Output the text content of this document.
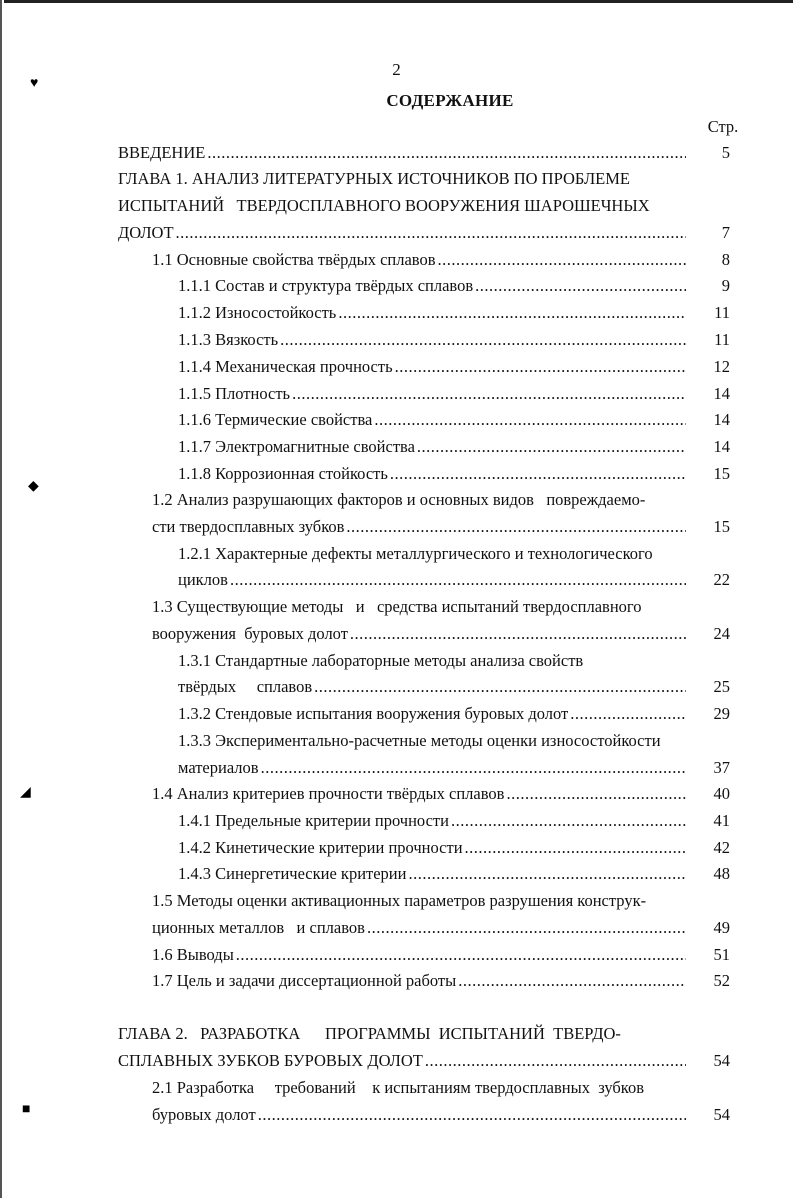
♥
◆
◢
■
2
СОДЕРЖАНИЕ
Стр.
ВВЕДЕНИЕ .....	5
ГЛАВА 1. АНАЛИЗ ЛИТЕРАТУРНЫХ ИСТОЧНИКОВ ПО ПРОБЛЕМЕ
ИСПЫТАНИЙ   ТВЕРДОСПЛАВНОГО ВООРУЖЕНИЯ ШАРОШЕЧНЫХ
ДОЛОТ .....	7
1.1 Основные свойства твёрдых сплавов .....	8
1.1.1 Состав и структура твёрдых сплавов .....	9
1.1.2 Износостойкость .....	11
1.1.3 Вязкость .....	11
1.1.4 Механическая прочность .....	12
1.1.5 Плотность .....	14
1.1.6 Термические свойства .....	14
1.1.7 Электромагнитные свойства .....	14
1.1.8 Коррозионная стойкость .....	15
1.2 Анализ разрушающих факторов и основных видов   повреждаемо-
сти твердосплавных зубков .....	15
1.2.1 Характерные дефекты металлургического и технологического
циклов .....	22
1.3 Существующие методы   и   средства испытаний твердосплавного
вооружения  буровых долот .....	24
1.3.1 Стандартные лабораторные методы анализа свойств
твёрдых     сплавов .....	25
1.3.2 Стендовые испытания вооружения буровых долот .....	29
1.3.3 Экспериментально-расчетные методы оценки износостойкости
материалов .....	37
1.4 Анализ критериев прочности твёрдых сплавов .....	40
1.4.1 Предельные критерии прочности .....	41
1.4.2 Кинетические критерии прочности .....	42
1.4.3 Синергетические критерии .....	48
1.5 Методы оценки активационных параметров разрушения конструк-
ционных металлов   и сплавов .....	49
1.6 Выводы .....	51
1.7 Цель и задачи диссертационной работы .....	52
ГЛАВА 2.   РАЗРАБОТКА      ПРОГРАММЫ  ИСПЫТАНИЙ  ТВЕРДО-
СПЛАВНЫХ ЗУБКОВ БУРОВЫХ ДОЛОТ .....	54
2.1 Разработка     требований    к испытаниям твердосплавных  зубков
буровых долот .....	54
